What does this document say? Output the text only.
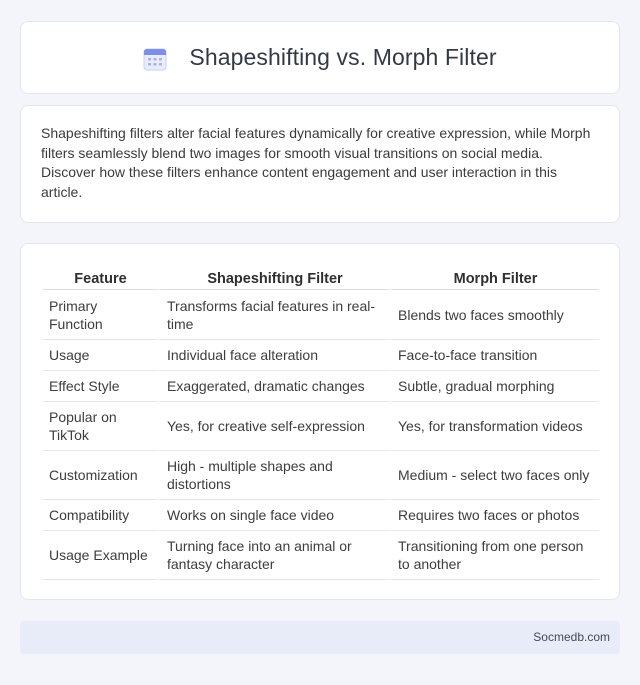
Shapeshifting vs. Morph Filter

Shapeshifting filters alter facial features dynamically for creative expression, while Morph filters seamlessly blend two images for smooth visual transitions on social media. Discover how these filters enhance content engagement and user interaction in this article.

Feature	Shapeshifting Filter	Morph Filter
Primary Function	Transforms facial features in real-time	Blends two faces smoothly
Usage	Individual face alteration	Face-to-face transition
Effect Style	Exaggerated, dramatic changes	Subtle, gradual morphing
Popular on TikTok	Yes, for creative self-expression	Yes, for transformation videos
Customization	High - multiple shapes and distortions	Medium - select two faces only
Compatibility	Works on single face video	Requires two faces or photos
Usage Example	Turning face into an animal or fantasy character	Transitioning from one person to another
Socmedb.com
